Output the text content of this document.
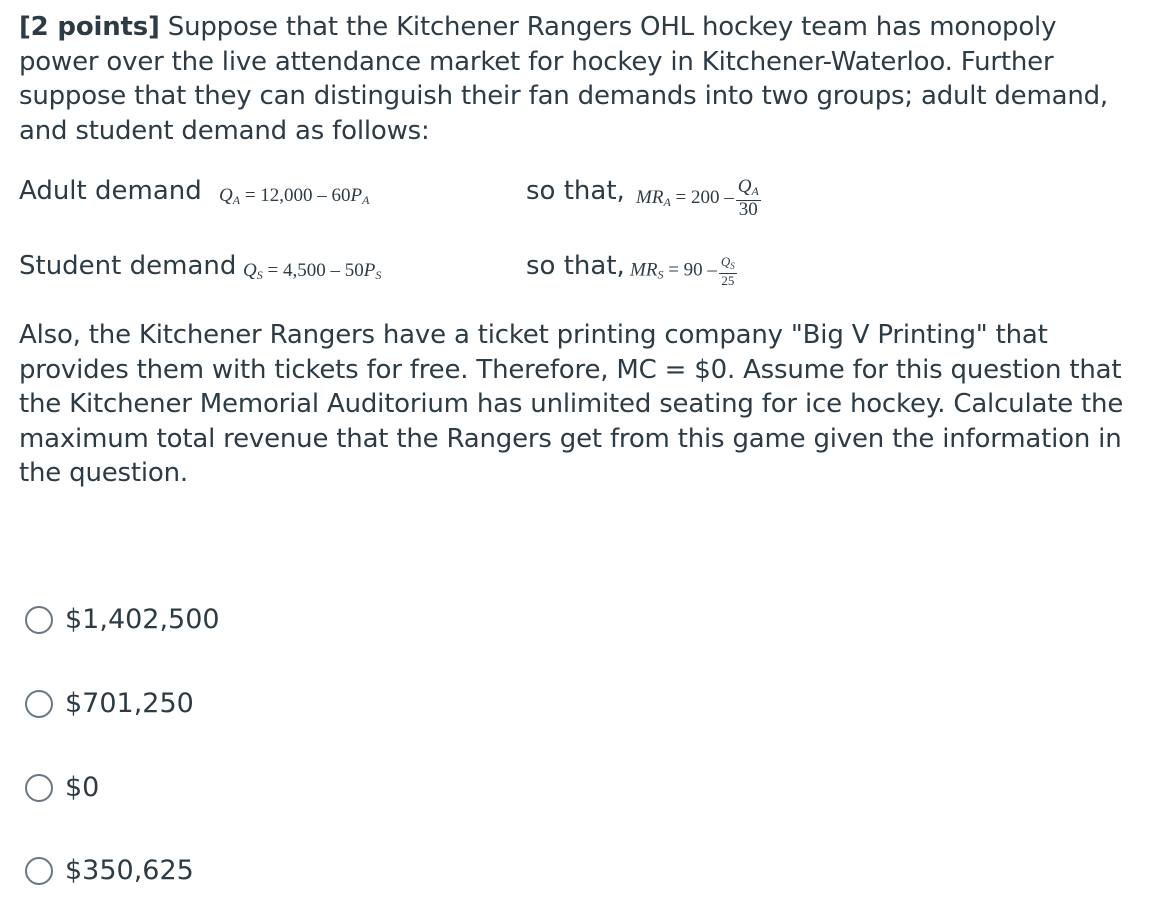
[2 points] Suppose that the Kitchener Rangers OHL hockey team has monopoly power over the live attendance market for hockey in Kitchener-Waterloo. Further suppose that they can distinguish their fan demands into two groups; adult demand, and student demand as follows:

Adult demand $Q_A = 12,000 - 60P_A$	so that, $MR_A = 200 - \frac{Q_A}{30}$
Student demand $Q_S = 4,500 - 50P_S$	so that, $MR_S = 90 - \frac{Q_S}{25}$

Also, the Kitchener Rangers have a ticket printing company "Big V Printing" that provides them with tickets for free. Therefore, MC = $0. Assume for this question that the Kitchener Memorial Auditorium has unlimited seating for ice hockey. Calculate the maximum total revenue that the Rangers get from this game given the information in the question.

$1,402,500
$701,250
$0
$350,625
